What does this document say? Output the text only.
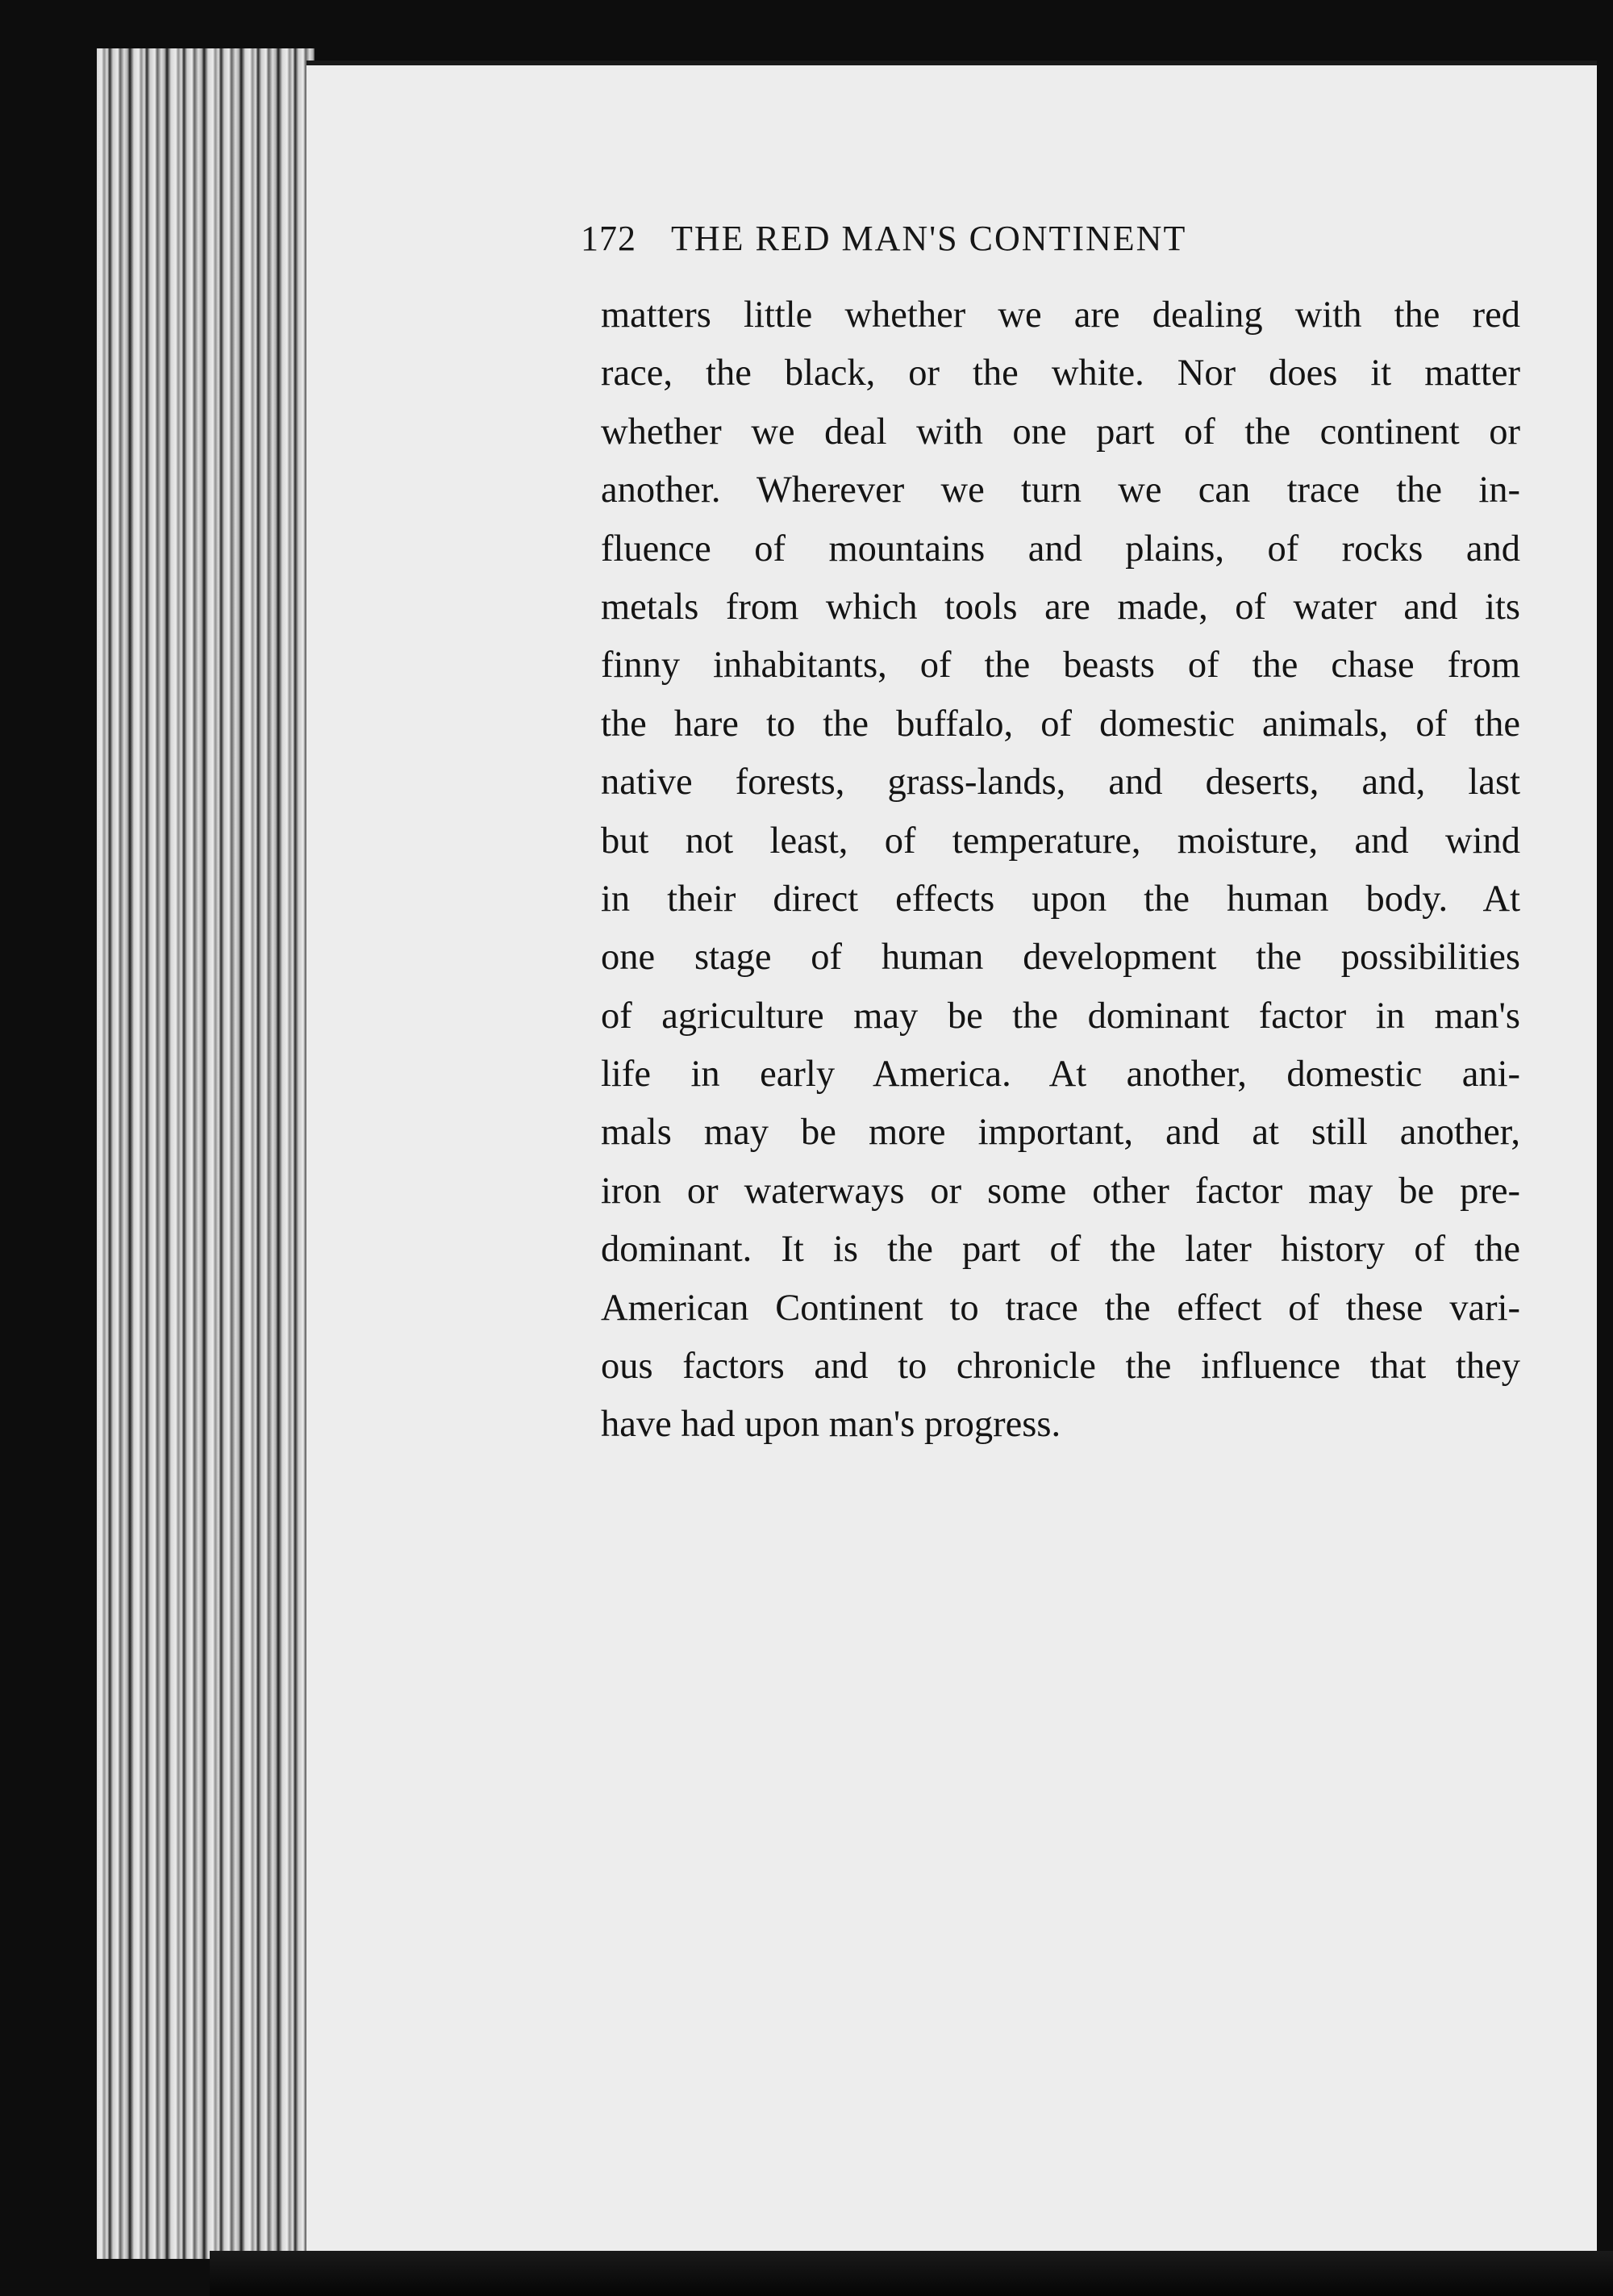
172 THE RED MAN'S CONTINENT
matters little whether we are dealing with the red
race, the black, or the white. Nor does it matter
whether we deal with one part of the continent or
another. Wherever we turn we can trace the in-
fluence of mountains and plains, of rocks and
metals from which tools are made, of water and its
finny inhabitants, of the beasts of the chase from
the hare to the buffalo, of domestic animals, of the
native forests, grass-lands, and deserts, and, last
but not least, of temperature, moisture, and wind
in their direct effects upon the human body. At
one stage of human development the possibilities
of agriculture may be the dominant factor in man's
life in early America. At another, domestic ani-
mals may be more important, and at still another,
iron or waterways or some other factor may be pre-
dominant. It is the part of the later history of the
American Continent to trace the effect of these vari-
ous factors and to chronicle the influence that they
have had upon man's progress.
